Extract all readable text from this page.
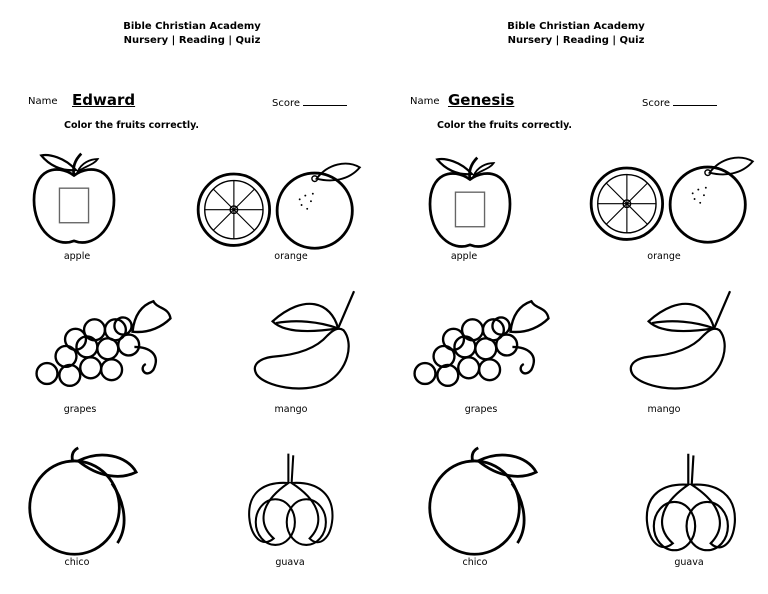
Bible Christian Academy
Nursery | Reading | Quiz
Name Edward	Score
Color the fruits correctly.
apple	orange
grapes	mango
chico	guava
Bible Christian Academy
Nursery | Reading | Quiz
Name Genesis	Score
Color the fruits correctly.
apple	orange
grapes	mango
chico	guava
